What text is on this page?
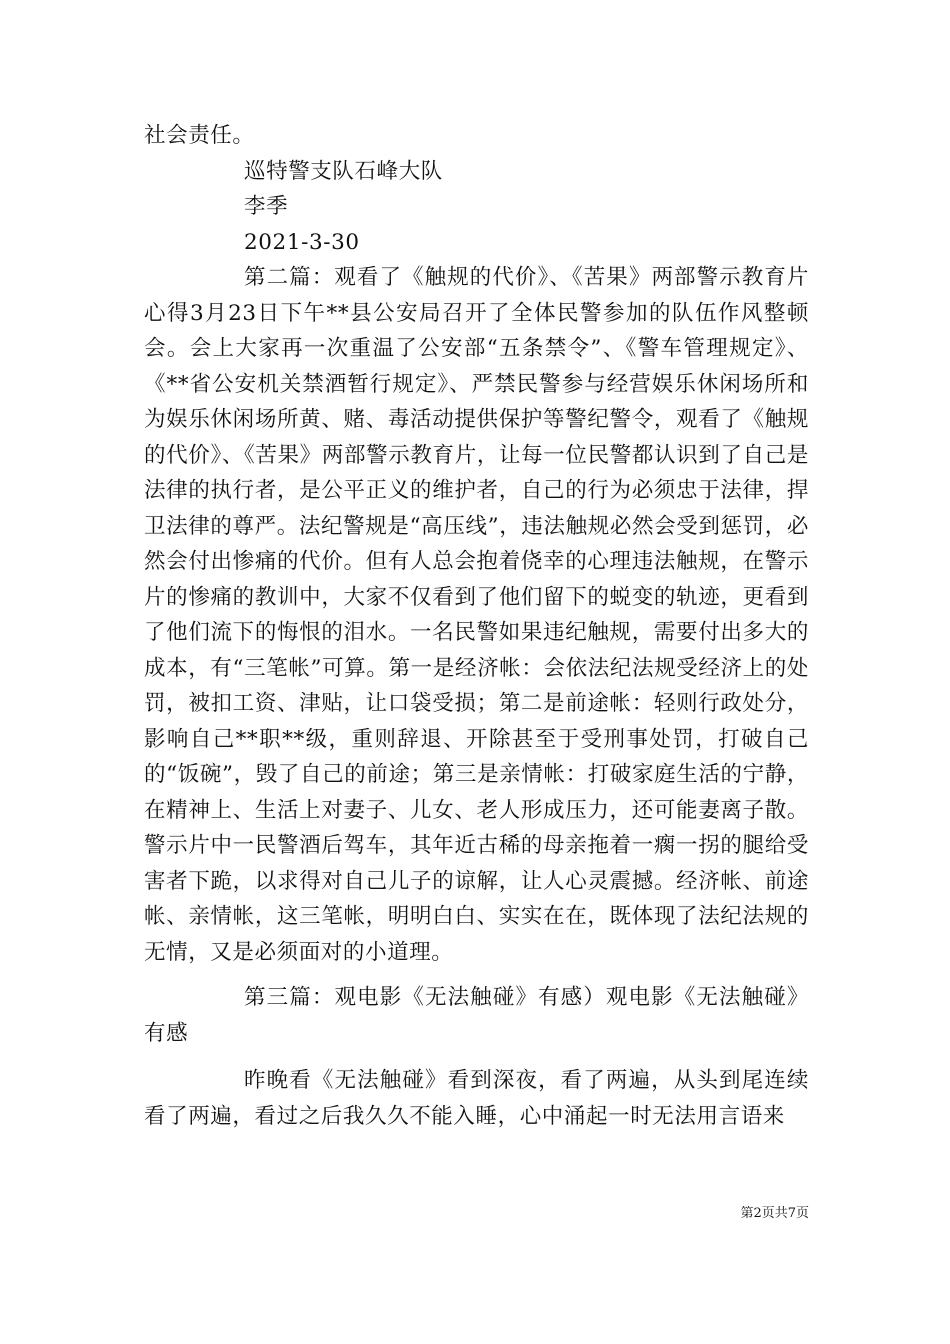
社会责任。

巡特警支队石峰大队

李季

2021-3-30

第二篇：观看了《触规的代价》、《苦果》两部警示教育片心得3月23日下午**县公安局召开了全体民警参加的队伍作风整顿会。会上大家再一次重温了公安部“五条禁令”、《警车管理规定》、《**省公安机关禁酒暂行规定》、严禁民警参与经营娱乐休闲场所和为娱乐休闲场所黄、赌、毒活动提供保护等警纪警令，观看了《触规的代价》、《苦果》两部警示教育片，让每一位民警都认识到了自己是法律的执行者，是公平正义的维护者，自己的行为必须忠于法律，捍卫法律的尊严。法纪警规是“高压线”，违法触规必然会受到惩罚，必然会付出惨痛的代价。但有人总会抱着侥幸的心理违法触规，在警示片的惨痛的教训中，大家不仅看到了他们留下的蜕变的轨迹，更看到了他们流下的悔恨的泪水。一名民警如果违纪触规，需要付出多大的成本，有“三笔帐”可算。第一是经济帐：会依法纪法规受经济上的处罚，被扣工资、津贴，让口袋受损；第二是前途帐：轻则行政处分，影响自己**职**级，重则辞退、开除甚至于受刑事处罚，打破自己的“饭碗”，毁了自己的前途；第三是亲情帐：打破家庭生活的宁静，在精神上、生活上对妻子、儿女、老人形成压力，还可能妻离子散。警示片中一民警酒后驾车，其年近古稀的母亲拖着一瘸一拐的腿给受害者下跪，以求得对自己儿子的谅解，让人心灵震撼。经济帐、前途帐、亲情帐，这三笔帐，明明白白、实实在在，既体现了法纪法规的无情，又是必须面对的小道理。

第三篇：观电影《无法触碰》有感）观电影《无法触碰》有感

昨晚看《无法触碰》看到深夜，看了两遍，从头到尾连续看了两遍，看过之后我久久不能入睡，心中涌起一时无法用言语来

第2页共7页
